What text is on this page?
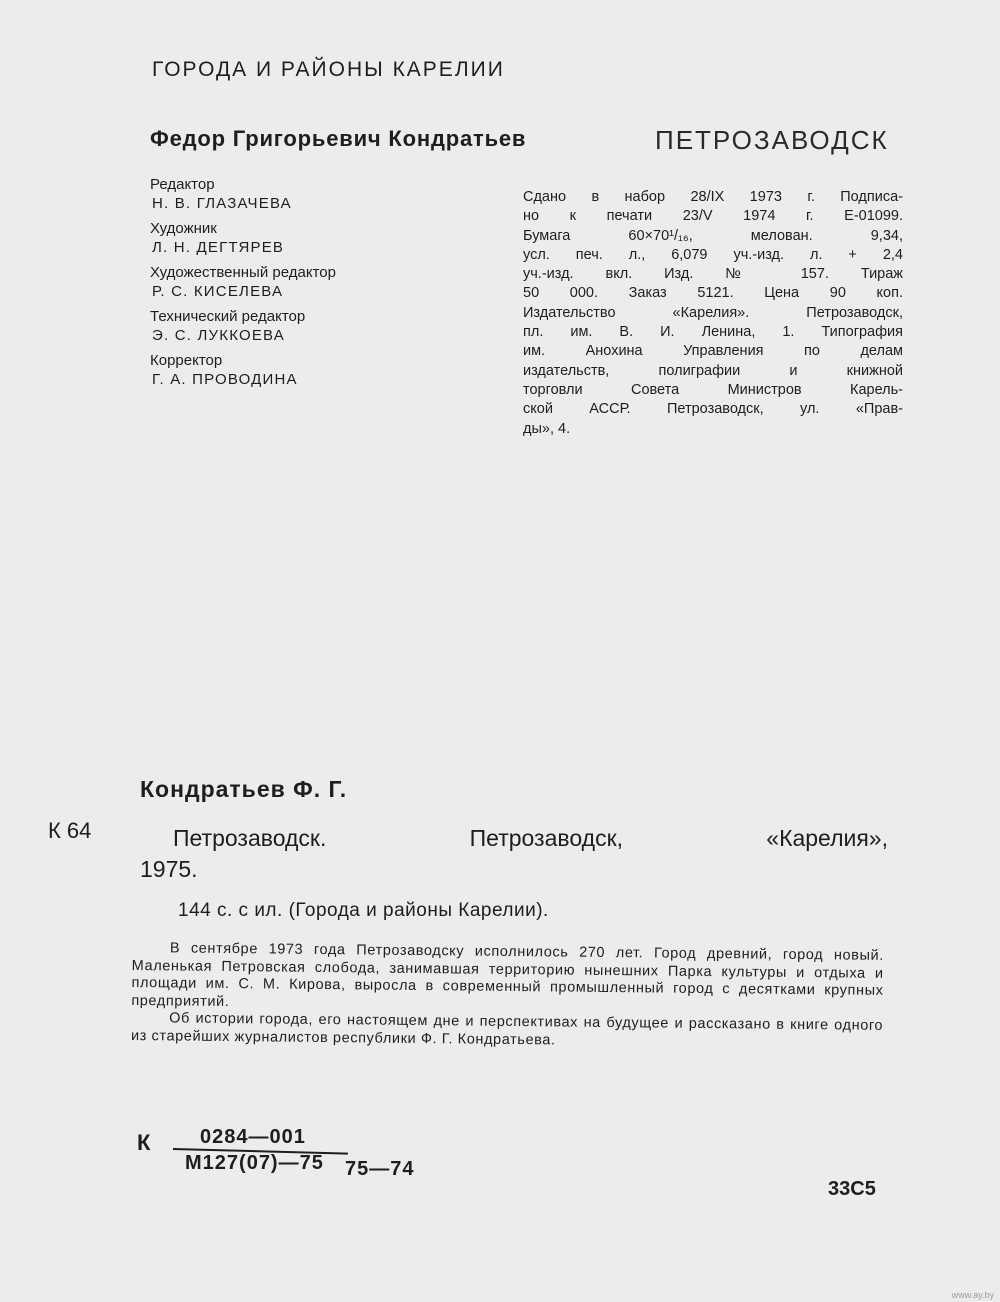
ГОРОДА И РАЙОНЫ КАРЕЛИИ
Федор Григорьевич Кондратьев	ПЕТРОЗАВОДСК
Редактор
Н. В. ГЛАЗАЧЕВА
Художник
Л. Н. ДЕГТЯРЕВ
Художественный редактор
Р. С. КИСЕЛЕВА
Технический редактор
Э. С. ЛУККОЕВА
Корректор
Г. А. ПРОВОДИНА
Сдано в набор 28/IX 1973 г. Подписа-
но к печати 23/V 1974 г. Е-01099.
Бумага 60×70¹/₁₆, мелован. 9,34,
усл. печ. л., 6,079 уч.-изд. л. + 2,4
уч.-изд. вкл. Изд. № 157. Тираж
50 000. Заказ 5121. Цена 90 коп.
Издательство «Карелия». Петрозаводск,
пл. им. В. И. Ленина, 1. Типография
им. Анохина Управления по делам
издательств, полиграфии и книжной
торговли Совета Министров Карель-
ской АССР. Петрозаводск, ул. «Прав-
ды», 4.
Кондратьев Ф. Г.
К 64	Петрозаводск.	Петрозаводск,	«Карелия»,
1975.
144 с. с ил. (Города и районы Карелии).

В сентябре 1973 года Петрозаводску исполнилось 270 лет. Город древний, город новый. Маленькая Петровская слобода, занимавшая территорию нынешних Парка культуры и отдыха и площади им. С. М. Кирова, выросла в современный промышленный город с десятками крупных предприятий.

Об истории города, его настоящем дне и перспективах на будущее и рассказано в книге одного из старейших журналистов республики Ф. Г. Кондратьева.

К 0284—001
М127(07)—75 75—74
33С5
www.ay.by
